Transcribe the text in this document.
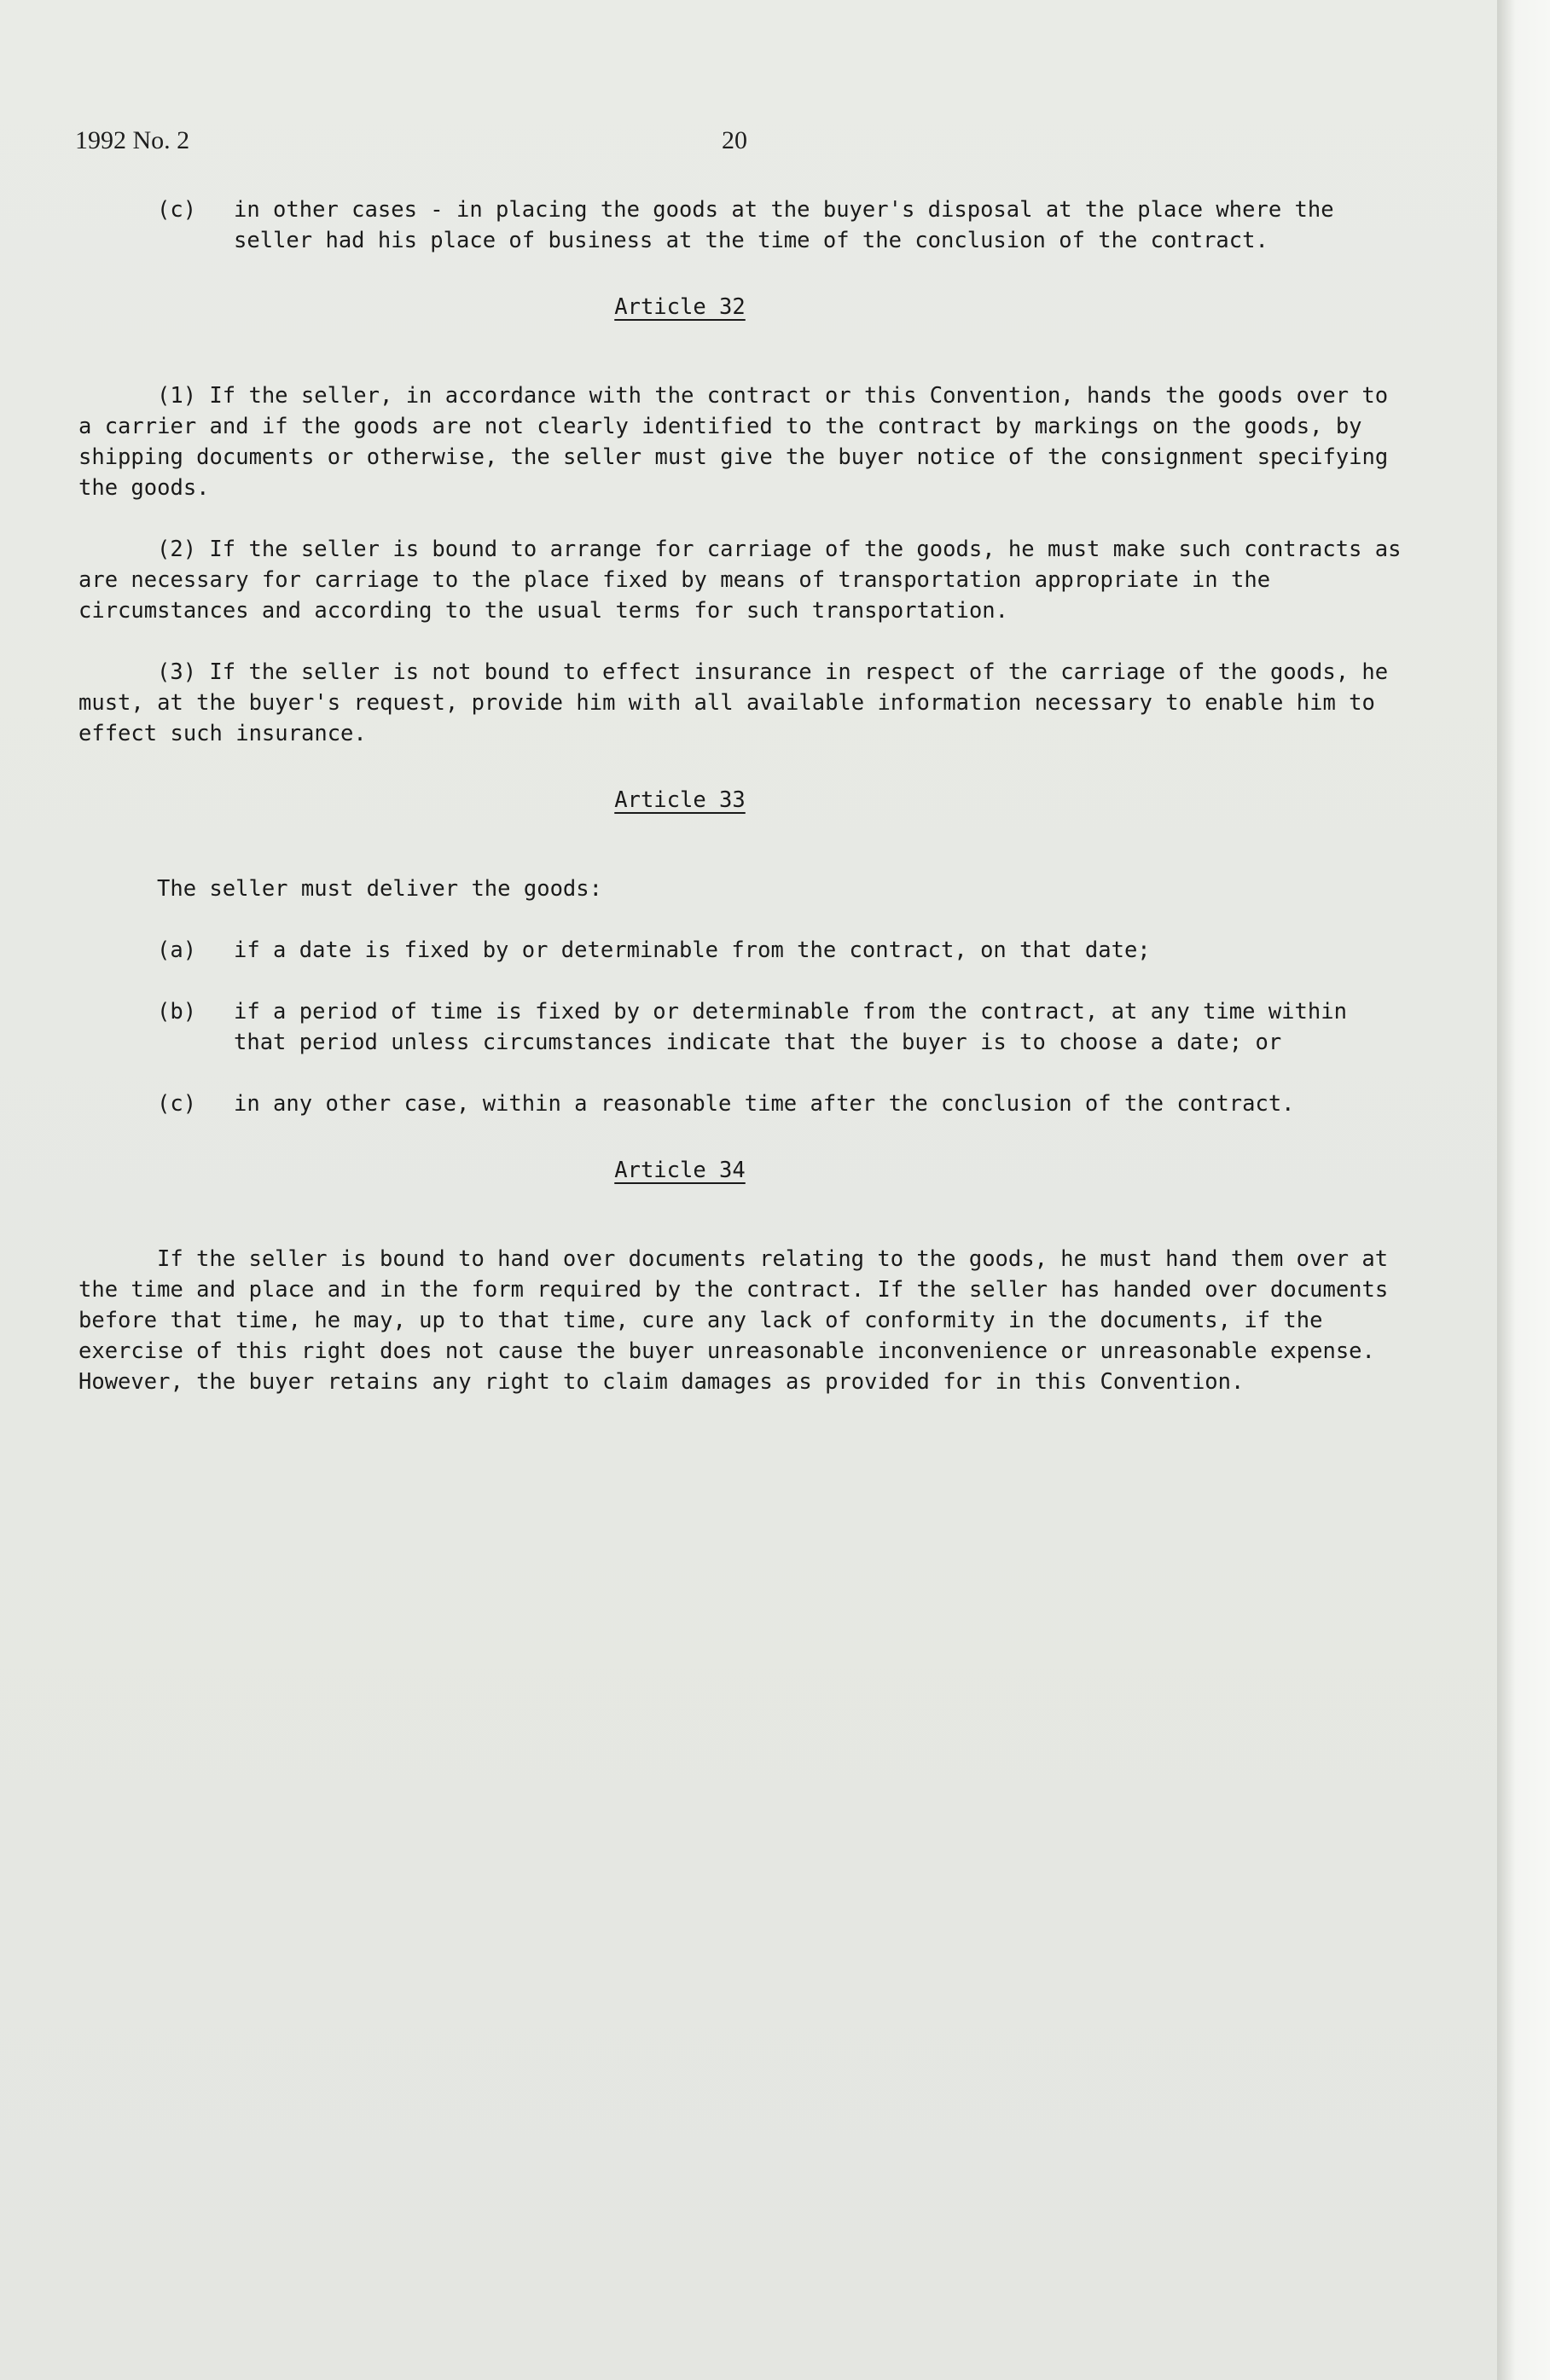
1992 No. 2	20
(c)	in other cases - in placing the goods at the buyer's disposal at the place where the seller had his place of business at the time of the conclusion of the contract.
Article 32
(1) If the seller, in accordance with the contract or this Convention, hands the goods over to a carrier and if the goods are not clearly identified to the contract by markings on the goods, by shipping documents or otherwise, the seller must give the buyer notice of the consignment specifying the goods.
(2) If the seller is bound to arrange for carriage of the goods, he must make such contracts as are necessary for carriage to the place fixed by means of transportation appropriate in the circumstances and according to the usual terms for such transportation.
(3) If the seller is not bound to effect insurance in respect of the carriage of the goods, he must, at the buyer's request, provide him with all available information necessary to enable him to effect such insurance.
Article 33
The seller must deliver the goods:
(a)	if a date is fixed by or determinable from the contract, on that date;
(b)	if a period of time is fixed by or determinable from the contract, at any time within that period unless circumstances indicate that the buyer is to choose a date; or
(c)	in any other case, within a reasonable time after the conclusion of the contract.
Article 34
If the seller is bound to hand over documents relating to the goods, he must hand them over at the time and place and in the form required by the contract. If the seller has handed over documents before that time, he may, up to that time, cure any lack of conformity in the documents, if the exercise of this right does not cause the buyer unreasonable inconvenience or unreasonable expense. However, the buyer retains any right to claim damages as provided for in this Convention.
